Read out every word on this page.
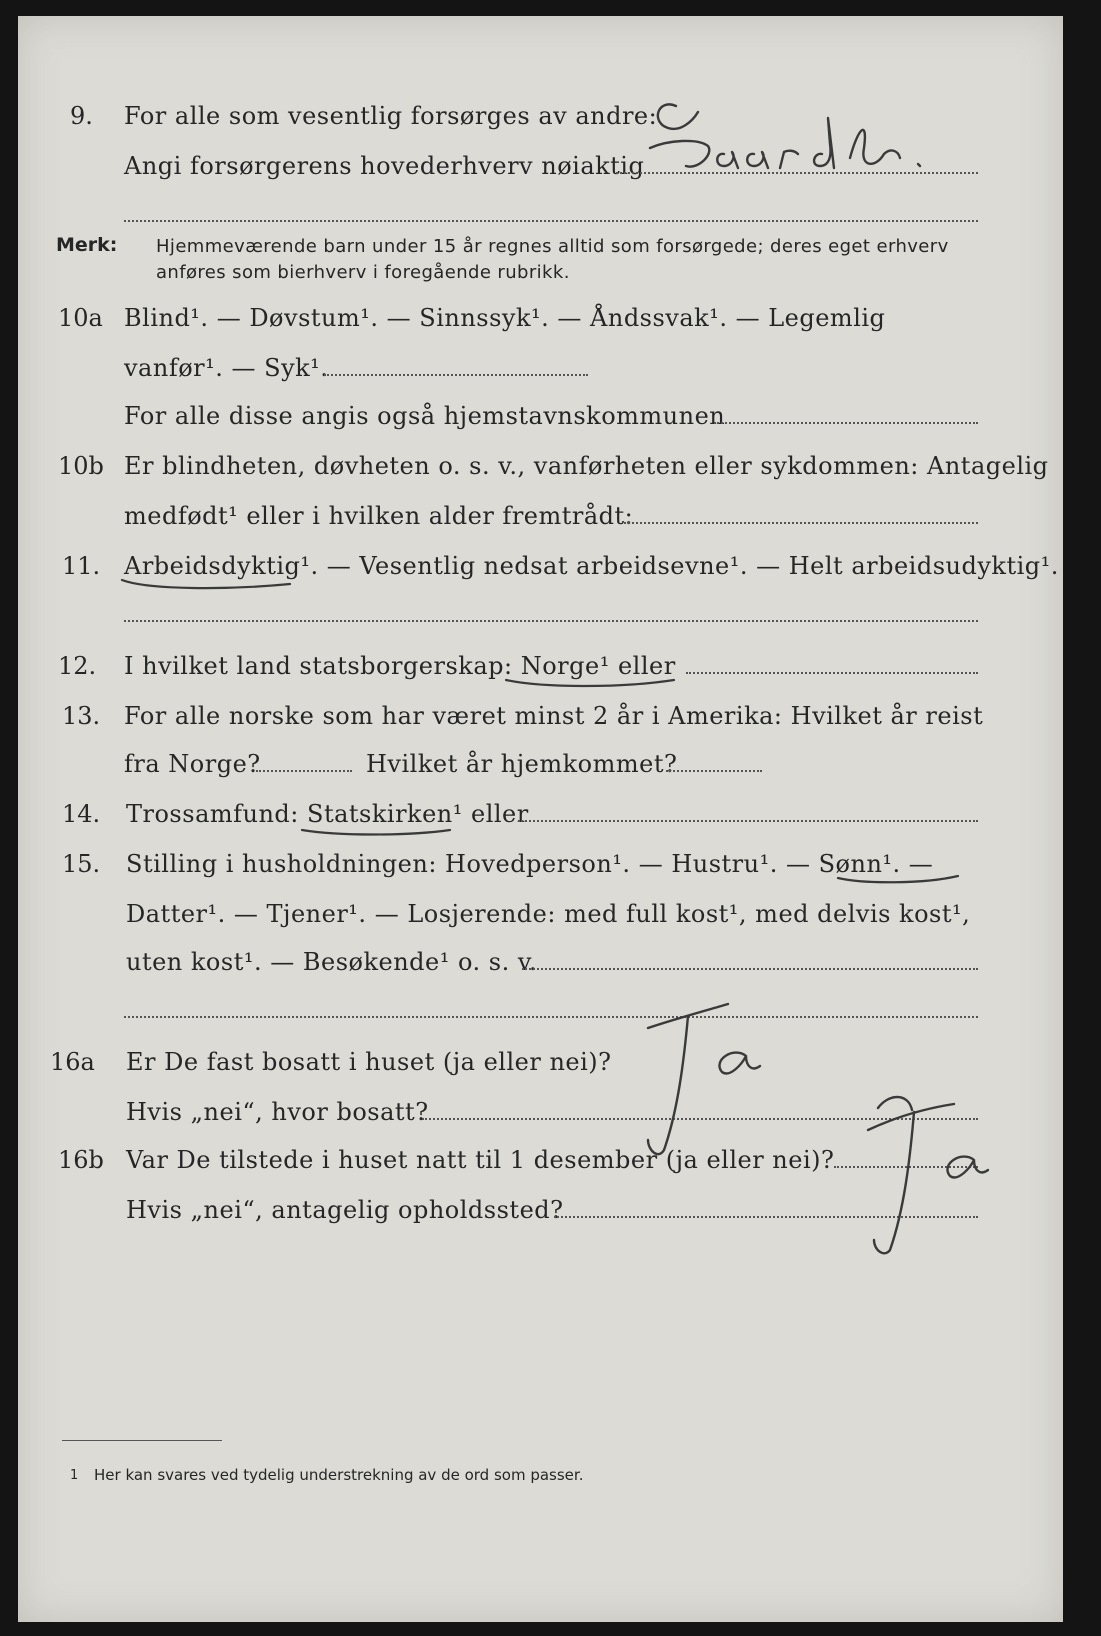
9. For alle som vesentlig forsørges av andre:
Angi forsørgerens hovederhverv nøiaktig
Merk: Hjemmeværende barn under 15 år regnes alltid som forsørgede; deres eget erhverv
anføres som bierhverv i foregående rubrikk.
10a Blind¹. — Døvstum¹. — Sinnssyk¹. — Åndssvak¹. — Legemlig
vanfør¹. — Syk¹.
For alle disse angis også hjemstavnskommunen
10b Er blindheten, døvheten o. s. v., vanførheten eller sykdommen: Antagelig
medfødt¹ eller i hvilken alder fremtrådt:
11. Arbeidsdyktig¹. — Vesentlig nedsat arbeidsevne¹. — Helt arbeidsudyktig¹.
12. I hvilket land statsborgerskap: Norge¹ eller
13. For alle norske som har været minst 2 år i Amerika: Hvilket år reist
fra Norge?	Hvilket år hjemkommet?
14. Trossamfund: Statskirken¹ eller
15. Stilling i husholdningen: Hovedperson¹. — Hustru¹. — Sønn¹. —
Datter¹. — Tjener¹. — Losjerende: med full kost¹, med delvis kost¹,
uten kost¹. — Besøkende¹ o. s. v.
16a Er De fast bosatt i huset (ja eller nei)?
Hvis „nei“, hvor bosatt?
16b Var De tilstede i huset natt til 1 desember (ja eller nei)?
Hvis „nei“, antagelig opholdssted?
1 Her kan svares ved tydelig understrekning av de ord som passer.
